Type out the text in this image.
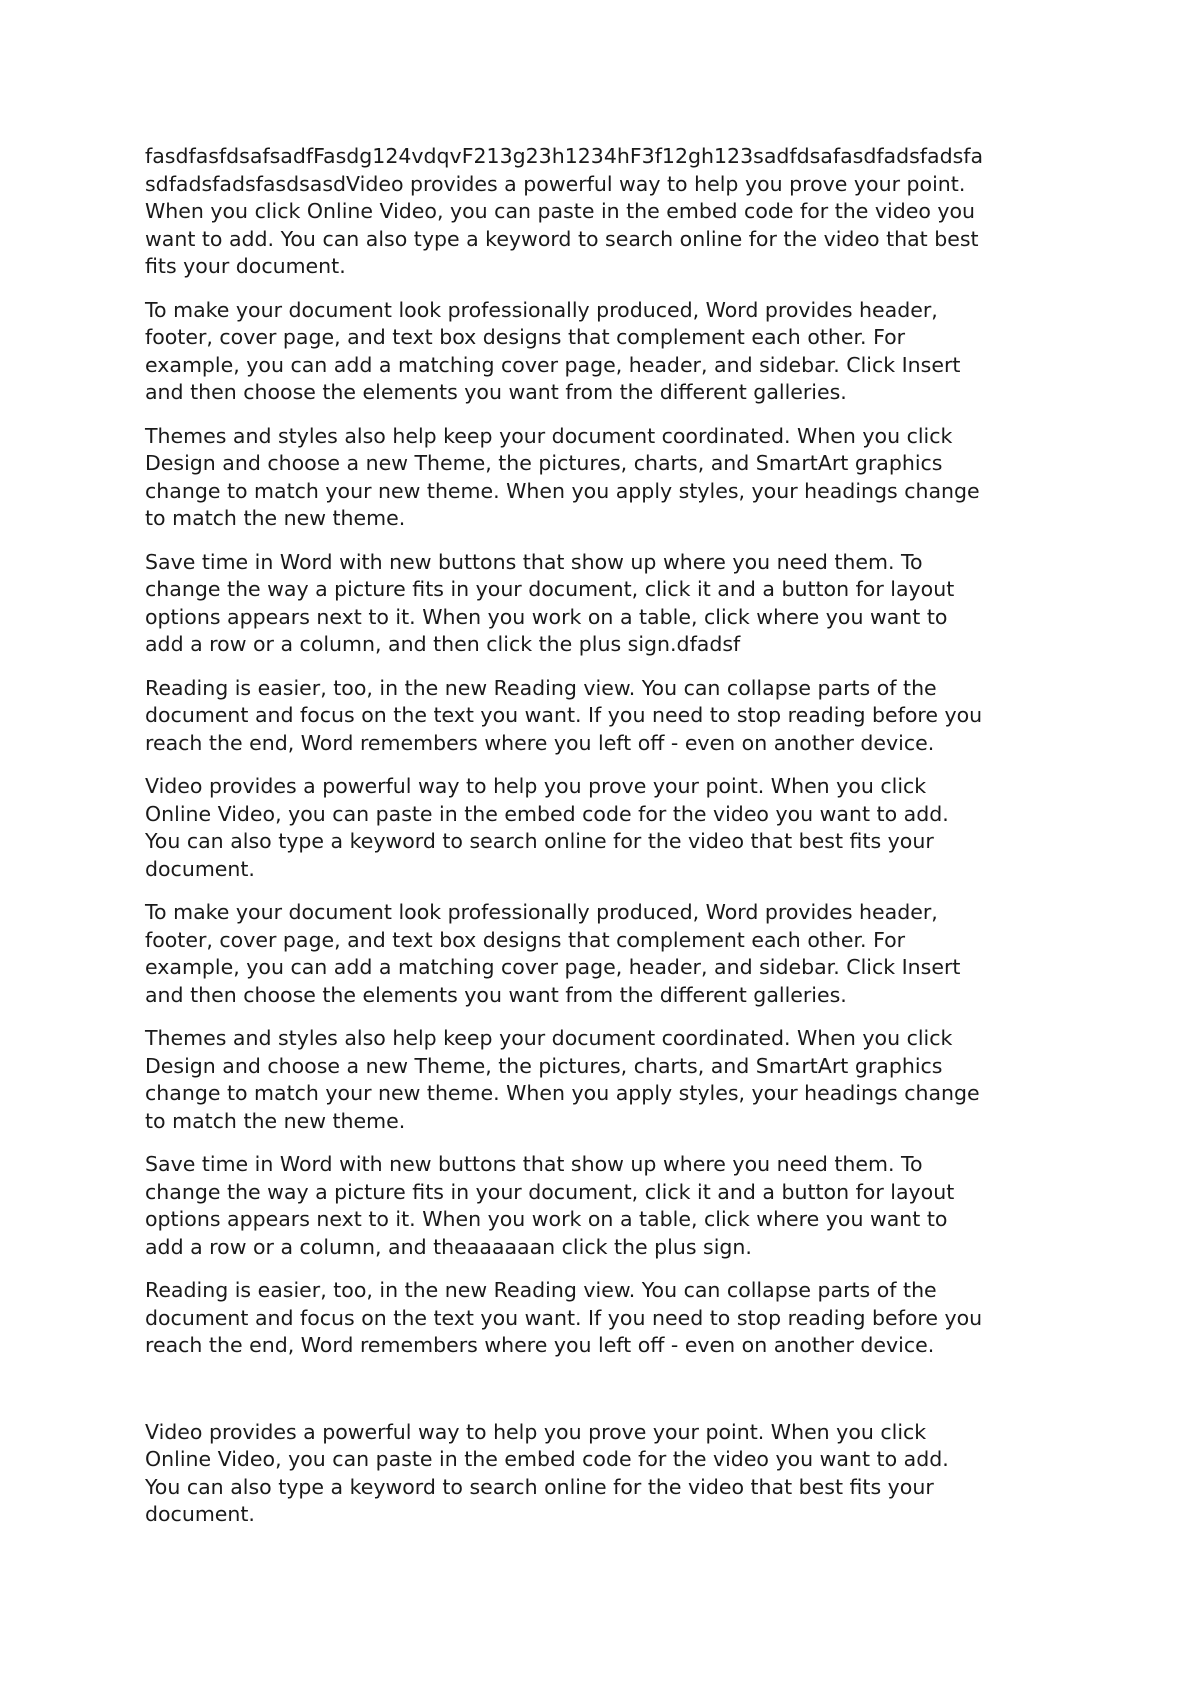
fasdfasfdsafsadfFasdg124vdqvF213g23h1234hF3f12gh123sadfdsafasdfadsfadsfa
sdfadsfadsfasdsasdVideo provides a powerful way to help you prove your point.
When you click Online Video, you can paste in the embed code for the video you
want to add. You can also type a keyword to search online for the video that best
fits your document.

To make your document look professionally produced, Word provides header,
footer, cover page, and text box designs that complement each other. For
example, you can add a matching cover page, header, and sidebar. Click Insert
and then choose the elements you want from the different galleries.

Themes and styles also help keep your document coordinated. When you click
Design and choose a new Theme, the pictures, charts, and SmartArt graphics
change to match your new theme. When you apply styles, your headings change
to match the new theme.

Save time in Word with new buttons that show up where you need them. To
change the way a picture fits in your document, click it and a button for layout
options appears next to it. When you work on a table, click where you want to
add a row or a column, and then click the plus sign.dfadsf

Reading is easier, too, in the new Reading view. You can collapse parts of the
document and focus on the text you want. If you need to stop reading before you
reach the end, Word remembers where you left off - even on another device.

Video provides a powerful way to help you prove your point. When you click
Online Video, you can paste in the embed code for the video you want to add.
You can also type a keyword to search online for the video that best fits your
document.

To make your document look professionally produced, Word provides header,
footer, cover page, and text box designs that complement each other. For
example, you can add a matching cover page, header, and sidebar. Click Insert
and then choose the elements you want from the different galleries.

Themes and styles also help keep your document coordinated. When you click
Design and choose a new Theme, the pictures, charts, and SmartArt graphics
change to match your new theme. When you apply styles, your headings change
to match the new theme.

Save time in Word with new buttons that show up where you need them. To
change the way a picture fits in your document, click it and a button for layout
options appears next to it. When you work on a table, click where you want to
add a row or a column, and theaaaaaan click the plus sign.

Reading is easier, too, in the new Reading view. You can collapse parts of the
document and focus on the text you want. If you need to stop reading before you
reach the end, Word remembers where you left off - even on another device.

Video provides a powerful way to help you prove your point. When you click
Online Video, you can paste in the embed code for the video you want to add.
You can also type a keyword to search online for the video that best fits your
document.
